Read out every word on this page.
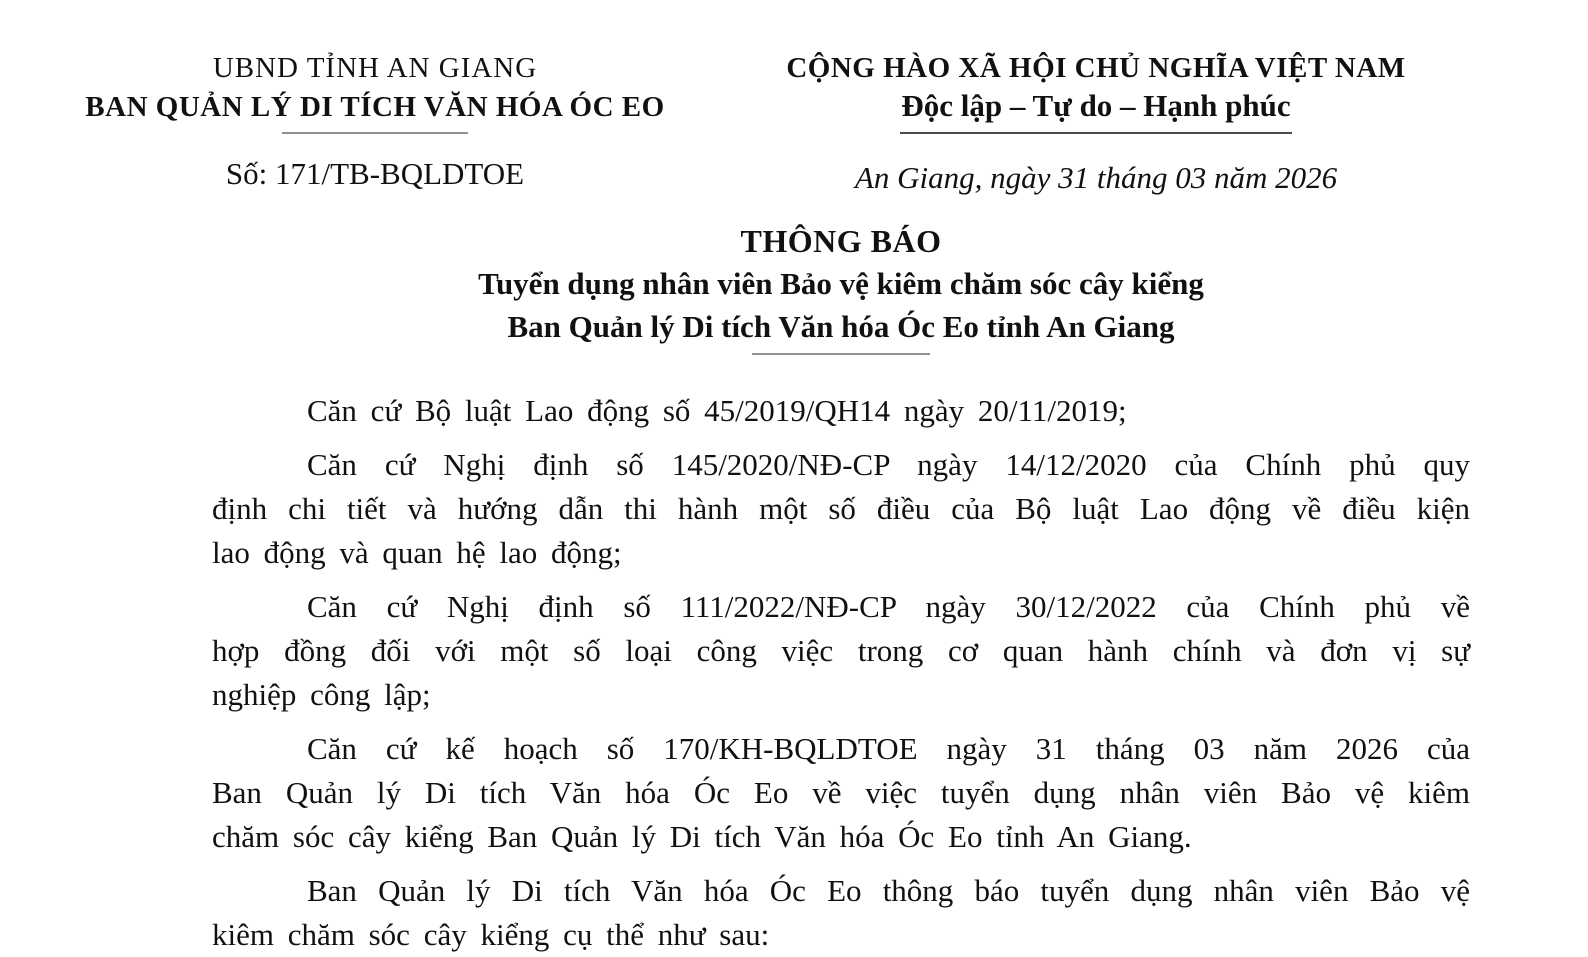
UBND TỈNH AN GIANG
BAN QUẢN LÝ DI TÍCH VĂN HÓA ÓC EO
Số: 171/TB-BQLDTOE
CỘNG HÀO XÃ HỘI CHỦ NGHĨA VIỆT NAM
Độc lập – Tự do – Hạnh phúc
An Giang, ngày 31 tháng 03 năm 2026
THÔNG BÁO
Tuyển dụng nhân viên Bảo vệ kiêm chăm sóc cây kiểng
Ban Quản lý Di tích Văn hóa Óc Eo tỉnh An Giang
Căn cứ Bộ luật Lao động số 45/2019/QH14 ngày 20/11/2019;
Căn cứ Nghị định số 145/2020/NĐ-CP ngày 14/12/2020 của Chính phủ quy
định chi tiết và hướng dẫn thi hành một số điều của Bộ luật Lao động về điều kiện
lao động và quan hệ lao động;
Căn cứ Nghị định số 111/2022/NĐ-CP ngày 30/12/2022 của Chính phủ về
hợp đồng đối với một số loại công việc trong cơ quan hành chính và đơn vị sự
nghiệp công lập;
Căn cứ kế hoạch số 170/KH-BQLDTOE ngày 31 tháng 03 năm 2026 của
Ban Quản lý Di tích Văn hóa Óc Eo về việc tuyển dụng nhân viên Bảo vệ kiêm
chăm sóc cây kiểng Ban Quản lý Di tích Văn hóa Óc Eo tỉnh An Giang.
Ban Quản lý Di tích Văn hóa Óc Eo thông báo tuyển dụng nhân viên Bảo vệ
kiêm chăm sóc cây kiểng cụ thể như sau:
